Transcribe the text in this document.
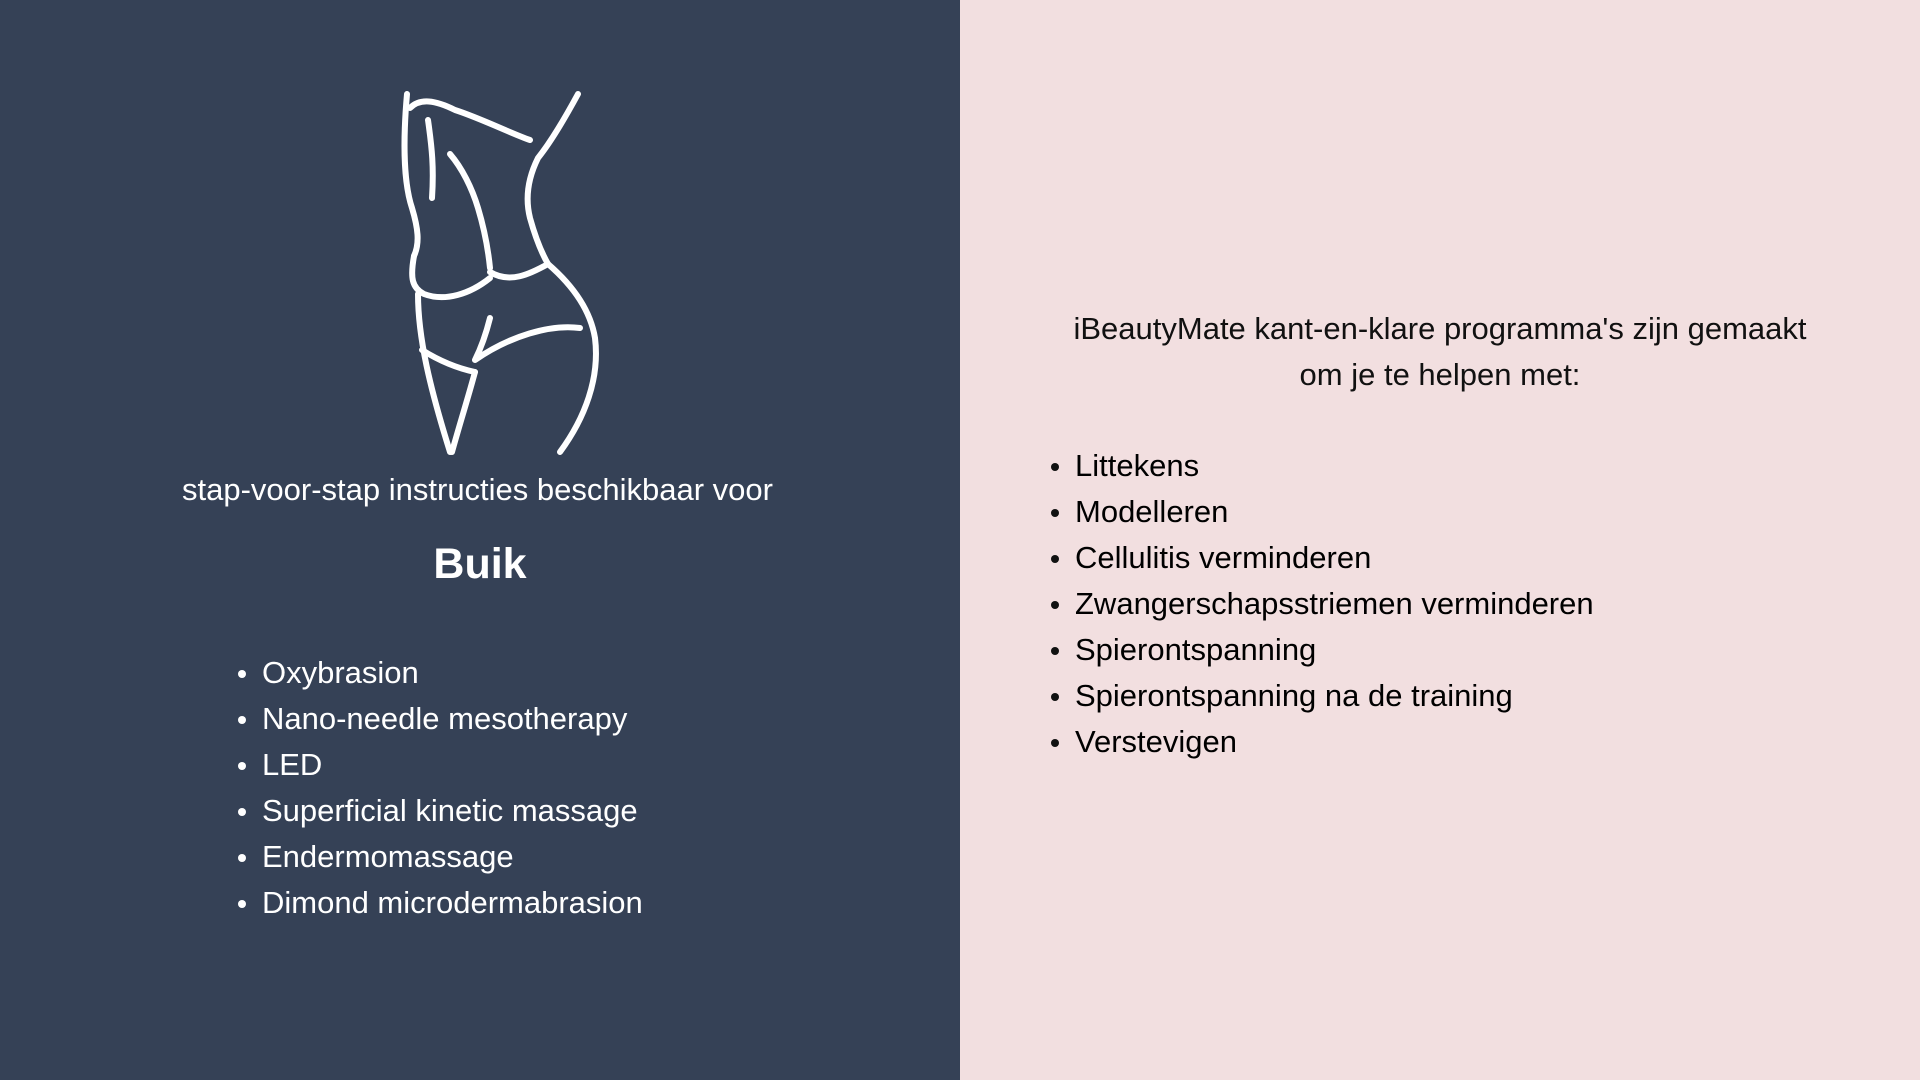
stap-voor-stap instructies beschikbaar voor
Buik
Oxybrasion
Nano-needle mesotherapy
LED
Superficial kinetic massage
Endermomassage
Dimond microdermabrasion
iBeautyMate kant-en-klare programma's zijn gemaakt
om je te helpen met:
Littekens
Modelleren
Cellulitis verminderen
Zwangerschapsstriemen verminderen
Spierontspanning
Spierontspanning na de training
Verstevigen
